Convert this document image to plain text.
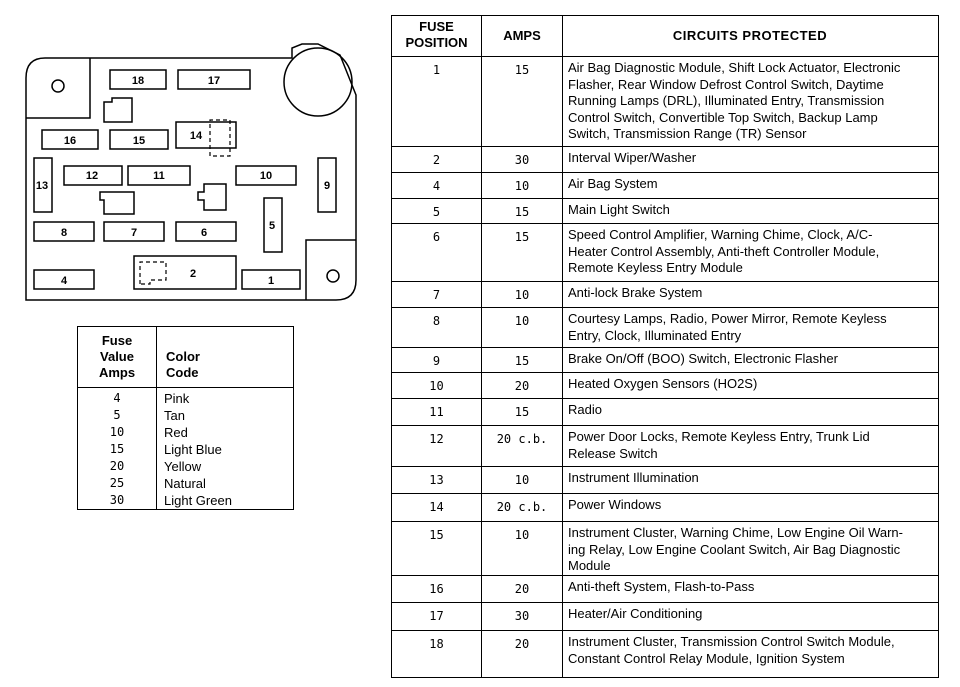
18	17
16	15	14
13
12	11	10
9
5
8	7	6
2
4	1
Fuse
Value
Amps
Color
Code
4	Pink
5	Tan
10	Red
15	Light Blue
20	Yellow
25	Natural
30	Light Green
FUSE
POSITION	AMPS	CIRCUITS PROTECTED
1	15	Air Bag Diagnostic Module, Shift Lock Actuator, Electronic
Flasher, Rear Window Defrost Control Switch, Daytime
Running Lamps (DRL), Illuminated Entry, Transmission
Control Switch, Convertible Top Switch, Backup Lamp
Switch, Transmission Range (TR) Sensor
2	30	Interval Wiper/Washer
4	10	Air Bag System
5	15	Main Light Switch
6	15	Speed Control Amplifier, Warning Chime, Clock, A/C-
Heater Control Assembly, Anti-theft Controller Module,
Remote Keyless Entry Module
7	10	Anti-lock Brake System
8	10	Courtesy Lamps, Radio, Power Mirror, Remote Keyless
Entry, Clock, Illuminated Entry
9	15	Brake On/Off (BOO) Switch, Electronic Flasher
10	20	Heated Oxygen Sensors (HO2S)
11	15	Radio
12	20 c.b.	Power Door Locks, Remote Keyless Entry, Trunk Lid
Release Switch
13	10	Instrument Illumination
14	20 c.b.	Power Windows
15	10	Instrument Cluster, Warning Chime, Low Engine Oil Warn-
ing Relay, Low Engine Coolant Switch, Air Bag Diagnostic
Module
16	20	Anti-theft System, Flash-to-Pass
17	30	Heater/Air Conditioning
18	20	Instrument Cluster, Transmission Control Switch Module,
Constant Control Relay Module, Ignition System
